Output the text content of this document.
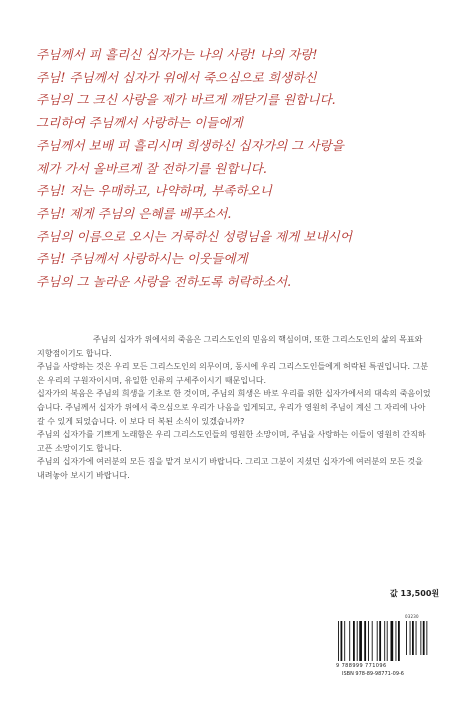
주님께서 피 흘리신 십자가는 나의 사랑! 나의 자랑!
주님! 주님께서 십자가 위에서 죽으심으로 희생하신
주님의 그 크신 사랑을 제가 바르게 깨닫기를 원합니다.
그리하여 주님께서 사랑하는 이들에게
주님께서 보배 피 흘리시며 희생하신 십자가의 그 사랑을
제가 가서 올바르게 잘 전하기를 원합니다.
주님! 저는 우매하고, 나약하며, 부족하오니
주님! 제게 주님의 은혜를 베푸소서.
주님의 이름으로 오시는 거룩하신 성령님을 제게 보내시어
주님! 주님께서 사랑하시는 이웃들에게
주님의 그 놀라운 사랑을 전하도록 허락하소서.

주님의 십자가 위에서의 죽음은 그리스도인의 믿음의 핵심이며, 또한 그리스도인의 삶의 목표와 지향점이기도 합니다.

주님을 사랑하는 것은 우리 모든 그리스도인의 의무이며, 동시에 우리 그리스도인들에게 허락된 특권입니다. 그분은 우리의 구원자이시며, 유일한 인류의 구세주이시기 때문입니다.

십자가의 복음은 주님의 희생을 기초로 한 것이며, 주님의 희생은 바로 우리를 위한 십자가에서의 대속의 죽음이었습니다. 주님께서 십자가 위에서 죽으심으로 우리가 나음을 입게되고, 우리가 영원히 주님이 계신 그 자리에 나아갈 수 있게 되었습니다. 이 보다 더 복된 소식이 있겠습니까?

주님의 십자가를 기쁘게 노래함은 우리 그리스도인들의 영원한 소망이며, 주님을 사랑하는 이들이 영원히 간직하고픈 소망이기도 합니다.

주님의 십자가에 여러분의 모든 짐을 맡겨 보시기 바랍니다. 그리고 그분이 지셨던 십자가에 여러분의 모든 것을 내려놓아 보시기 바랍니다.

값 13,500원
03230
9 788999 771096
ISBN 978-89-98771-09-6
